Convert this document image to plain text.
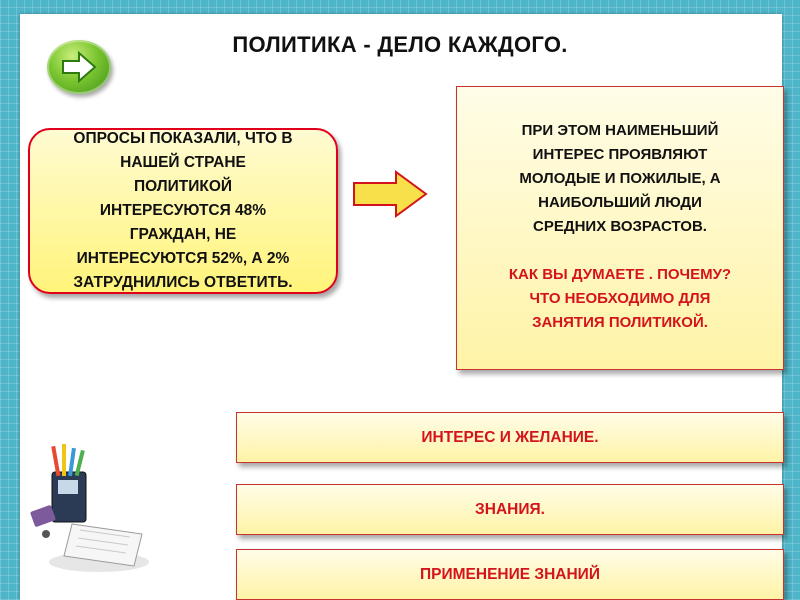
ПОЛИТИКА - ДЕЛО КАЖДОГО.

ОПРОСЫ ПОКАЗАЛИ, ЧТО В
НАШЕЙ СТРАНЕ
ПОЛИТИКОЙ
ИНТЕРЕСУЮТСЯ 48%
ГРАЖДАН, НЕ
ИНТЕРЕСУЮТСЯ 52%, А 2%
ЗАТРУДНИЛИСЬ ОТВЕТИТЬ.

ПРИ ЭТОМ НАИМЕНЬШИЙ
ИНТЕРЕС ПРОЯВЛЯЮТ
МОЛОДЫЕ И ПОЖИЛЫЕ, А
НАИБОЛЬШИЙ ЛЮДИ
СРЕДНИХ ВОЗРАСТОВ.

КАК ВЫ ДУМАЕТЕ . ПОЧЕМУ?
ЧТО НЕОБХОДИМО ДЛЯ
ЗАНЯТИЯ ПОЛИТИКОЙ.

ИНТЕРЕС И ЖЕЛАНИЕ.
ЗНАНИЯ.
ПРИМЕНЕНИЕ ЗНАНИЙ
